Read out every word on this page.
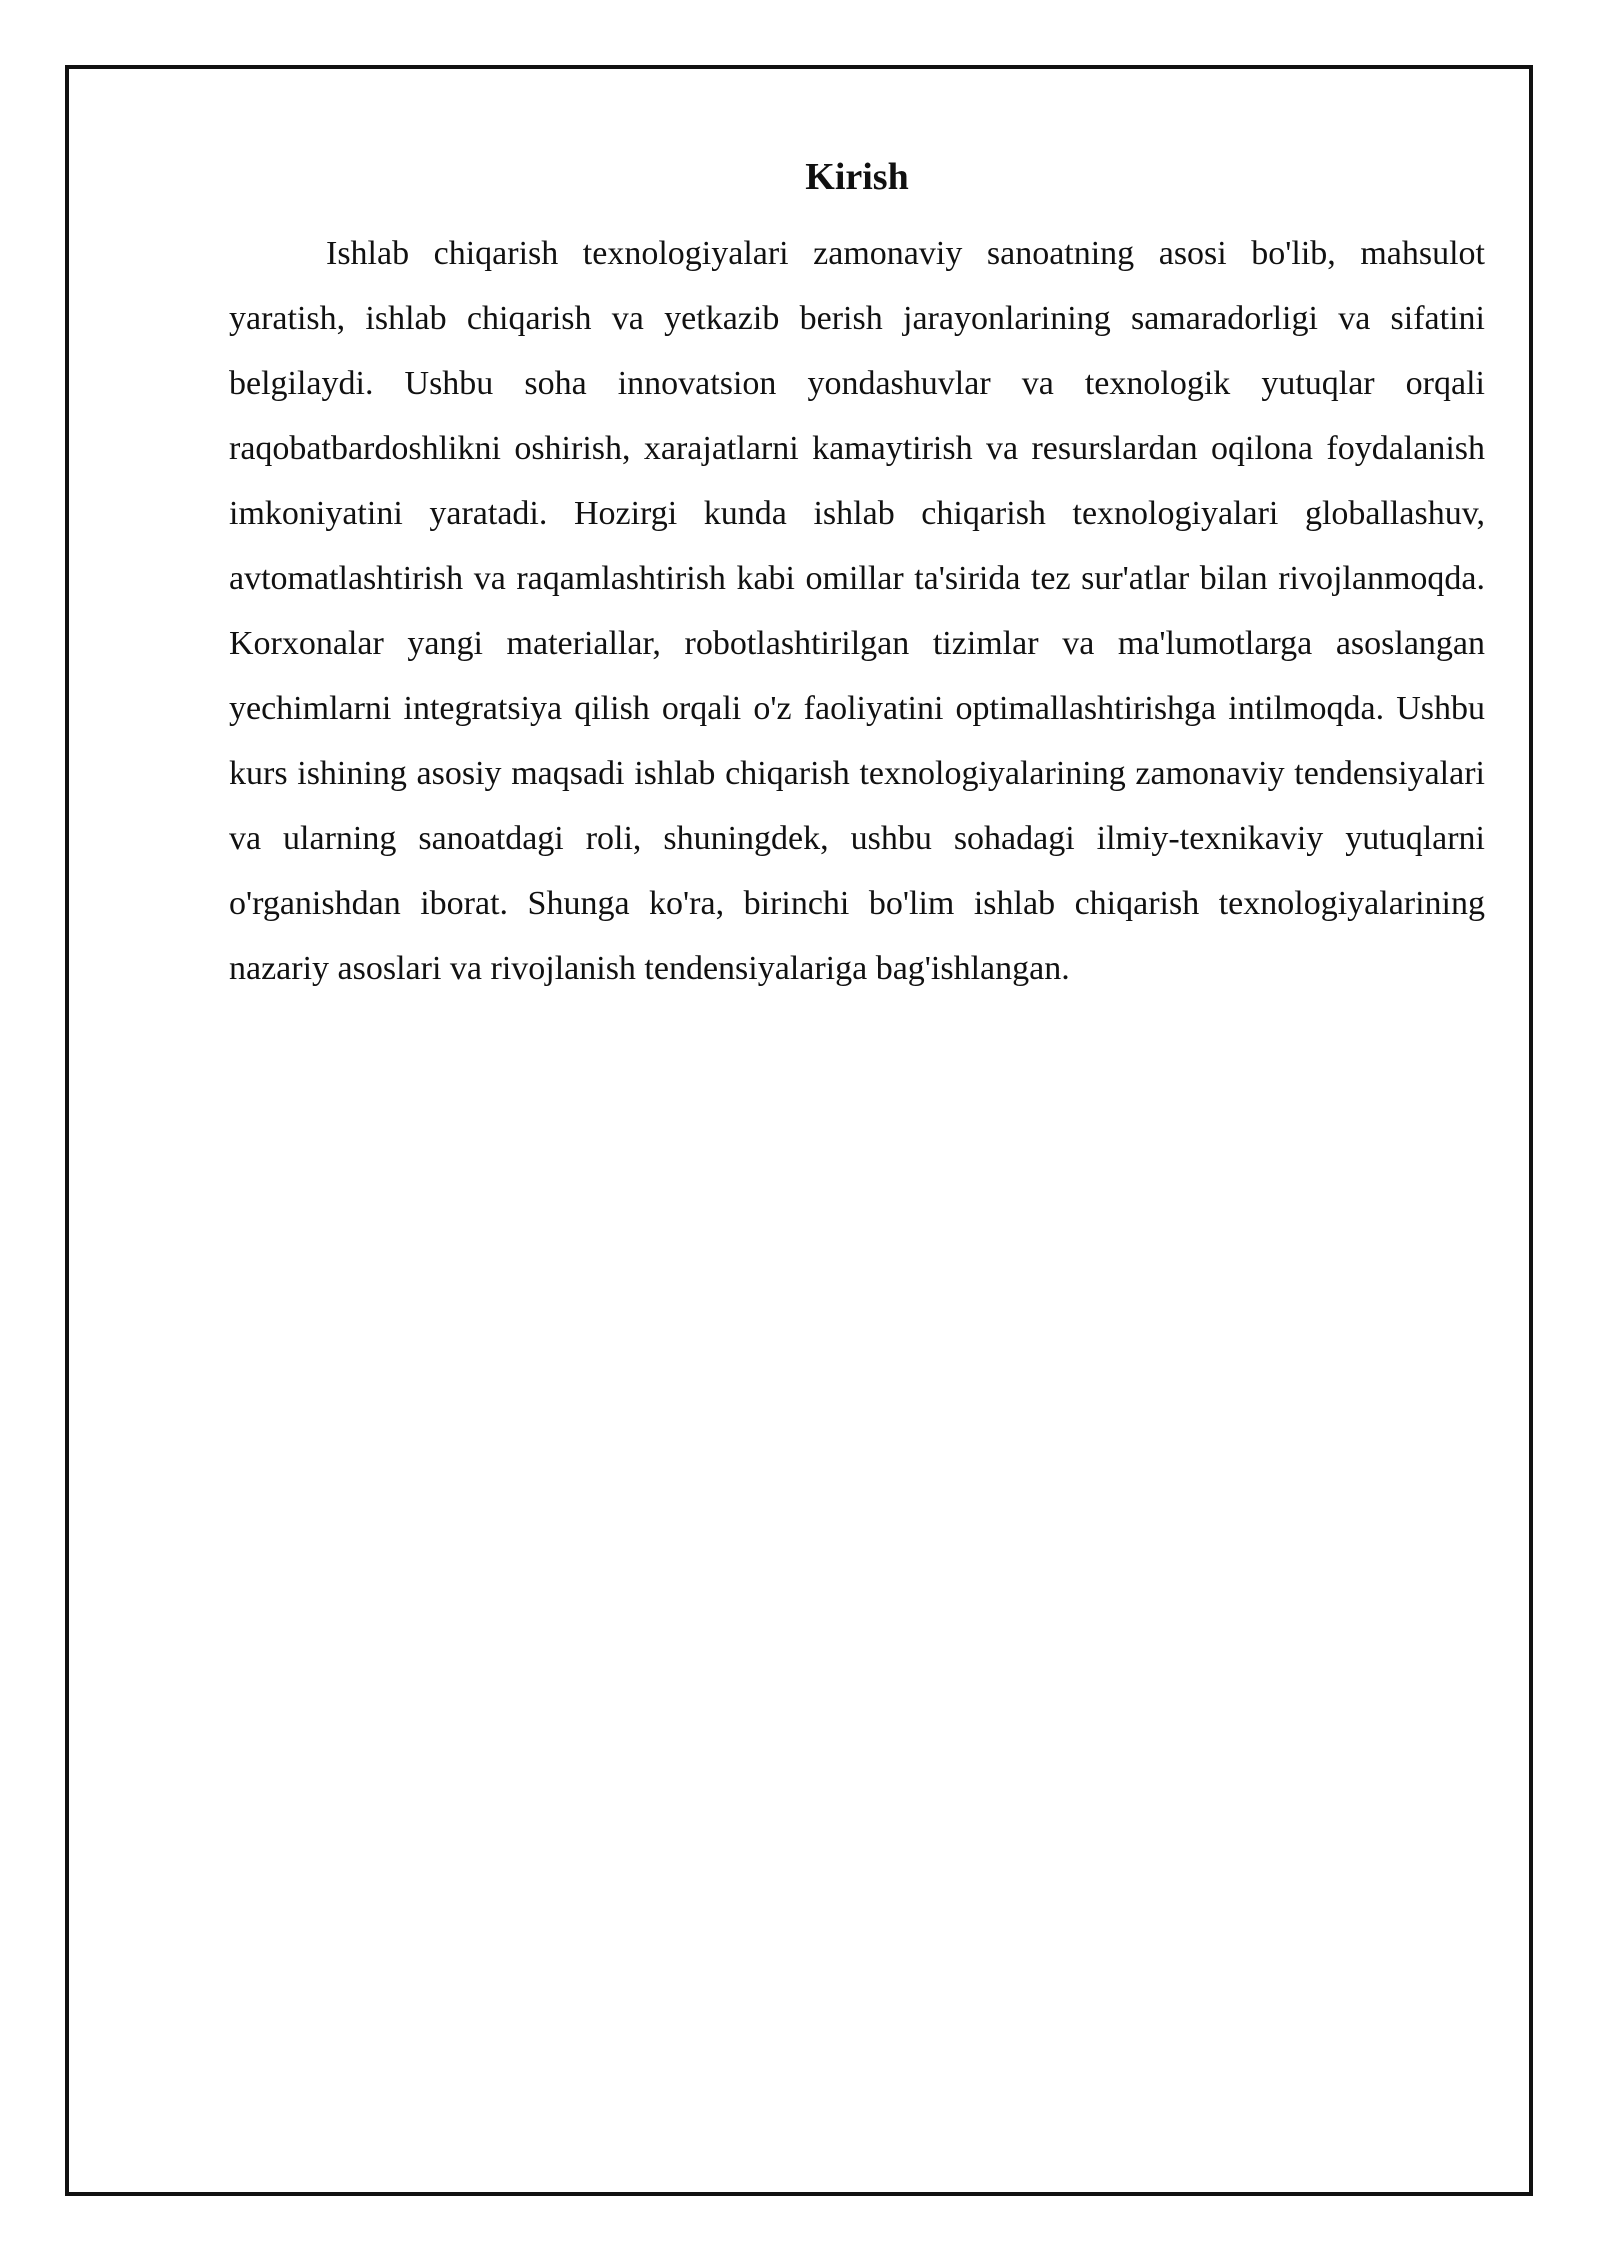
Kirish

Ishlab chiqarish texnologiyalari zamonaviy sanoatning asosi bo'lib, mahsulot yaratish, ishlab chiqarish va yetkazib berish jarayonlarining samaradorligi va sifatini belgilaydi. Ushbu soha innovatsion yondashuvlar va texnologik yutuqlar orqali raqobatbardoshlikni oshirish, xarajatlarni kamaytirish va resurslardan oqilona foydalanish imkoniyatini yaratadi. Hozirgi kunda ishlab chiqarish texnologiyalari globallashuv, avtomatlashtirish va raqamlashtirish kabi omillar ta'sirida tez sur'atlar bilan rivojlanmoqda. Korxonalar yangi materiallar, robotlashtirilgan tizimlar va ma'lumotlarga asoslangan yechimlarni integratsiya qilish orqali o'z faoliyatini optimallashtirishga intilmoqda. Ushbu kurs ishining asosiy maqsadi ishlab chiqarish texnologiyalarining zamonaviy tendensiyalari va ularning sanoatdagi roli, shuningdek, ushbu sohadagi ilmiy-texnikaviy yutuqlarni o'rganishdan iborat. Shunga ko'ra, birinchi bo'lim ishlab chiqarish texnologiyalarining nazariy asoslari va rivojlanish tendensiyalariga bag'ishlangan.
